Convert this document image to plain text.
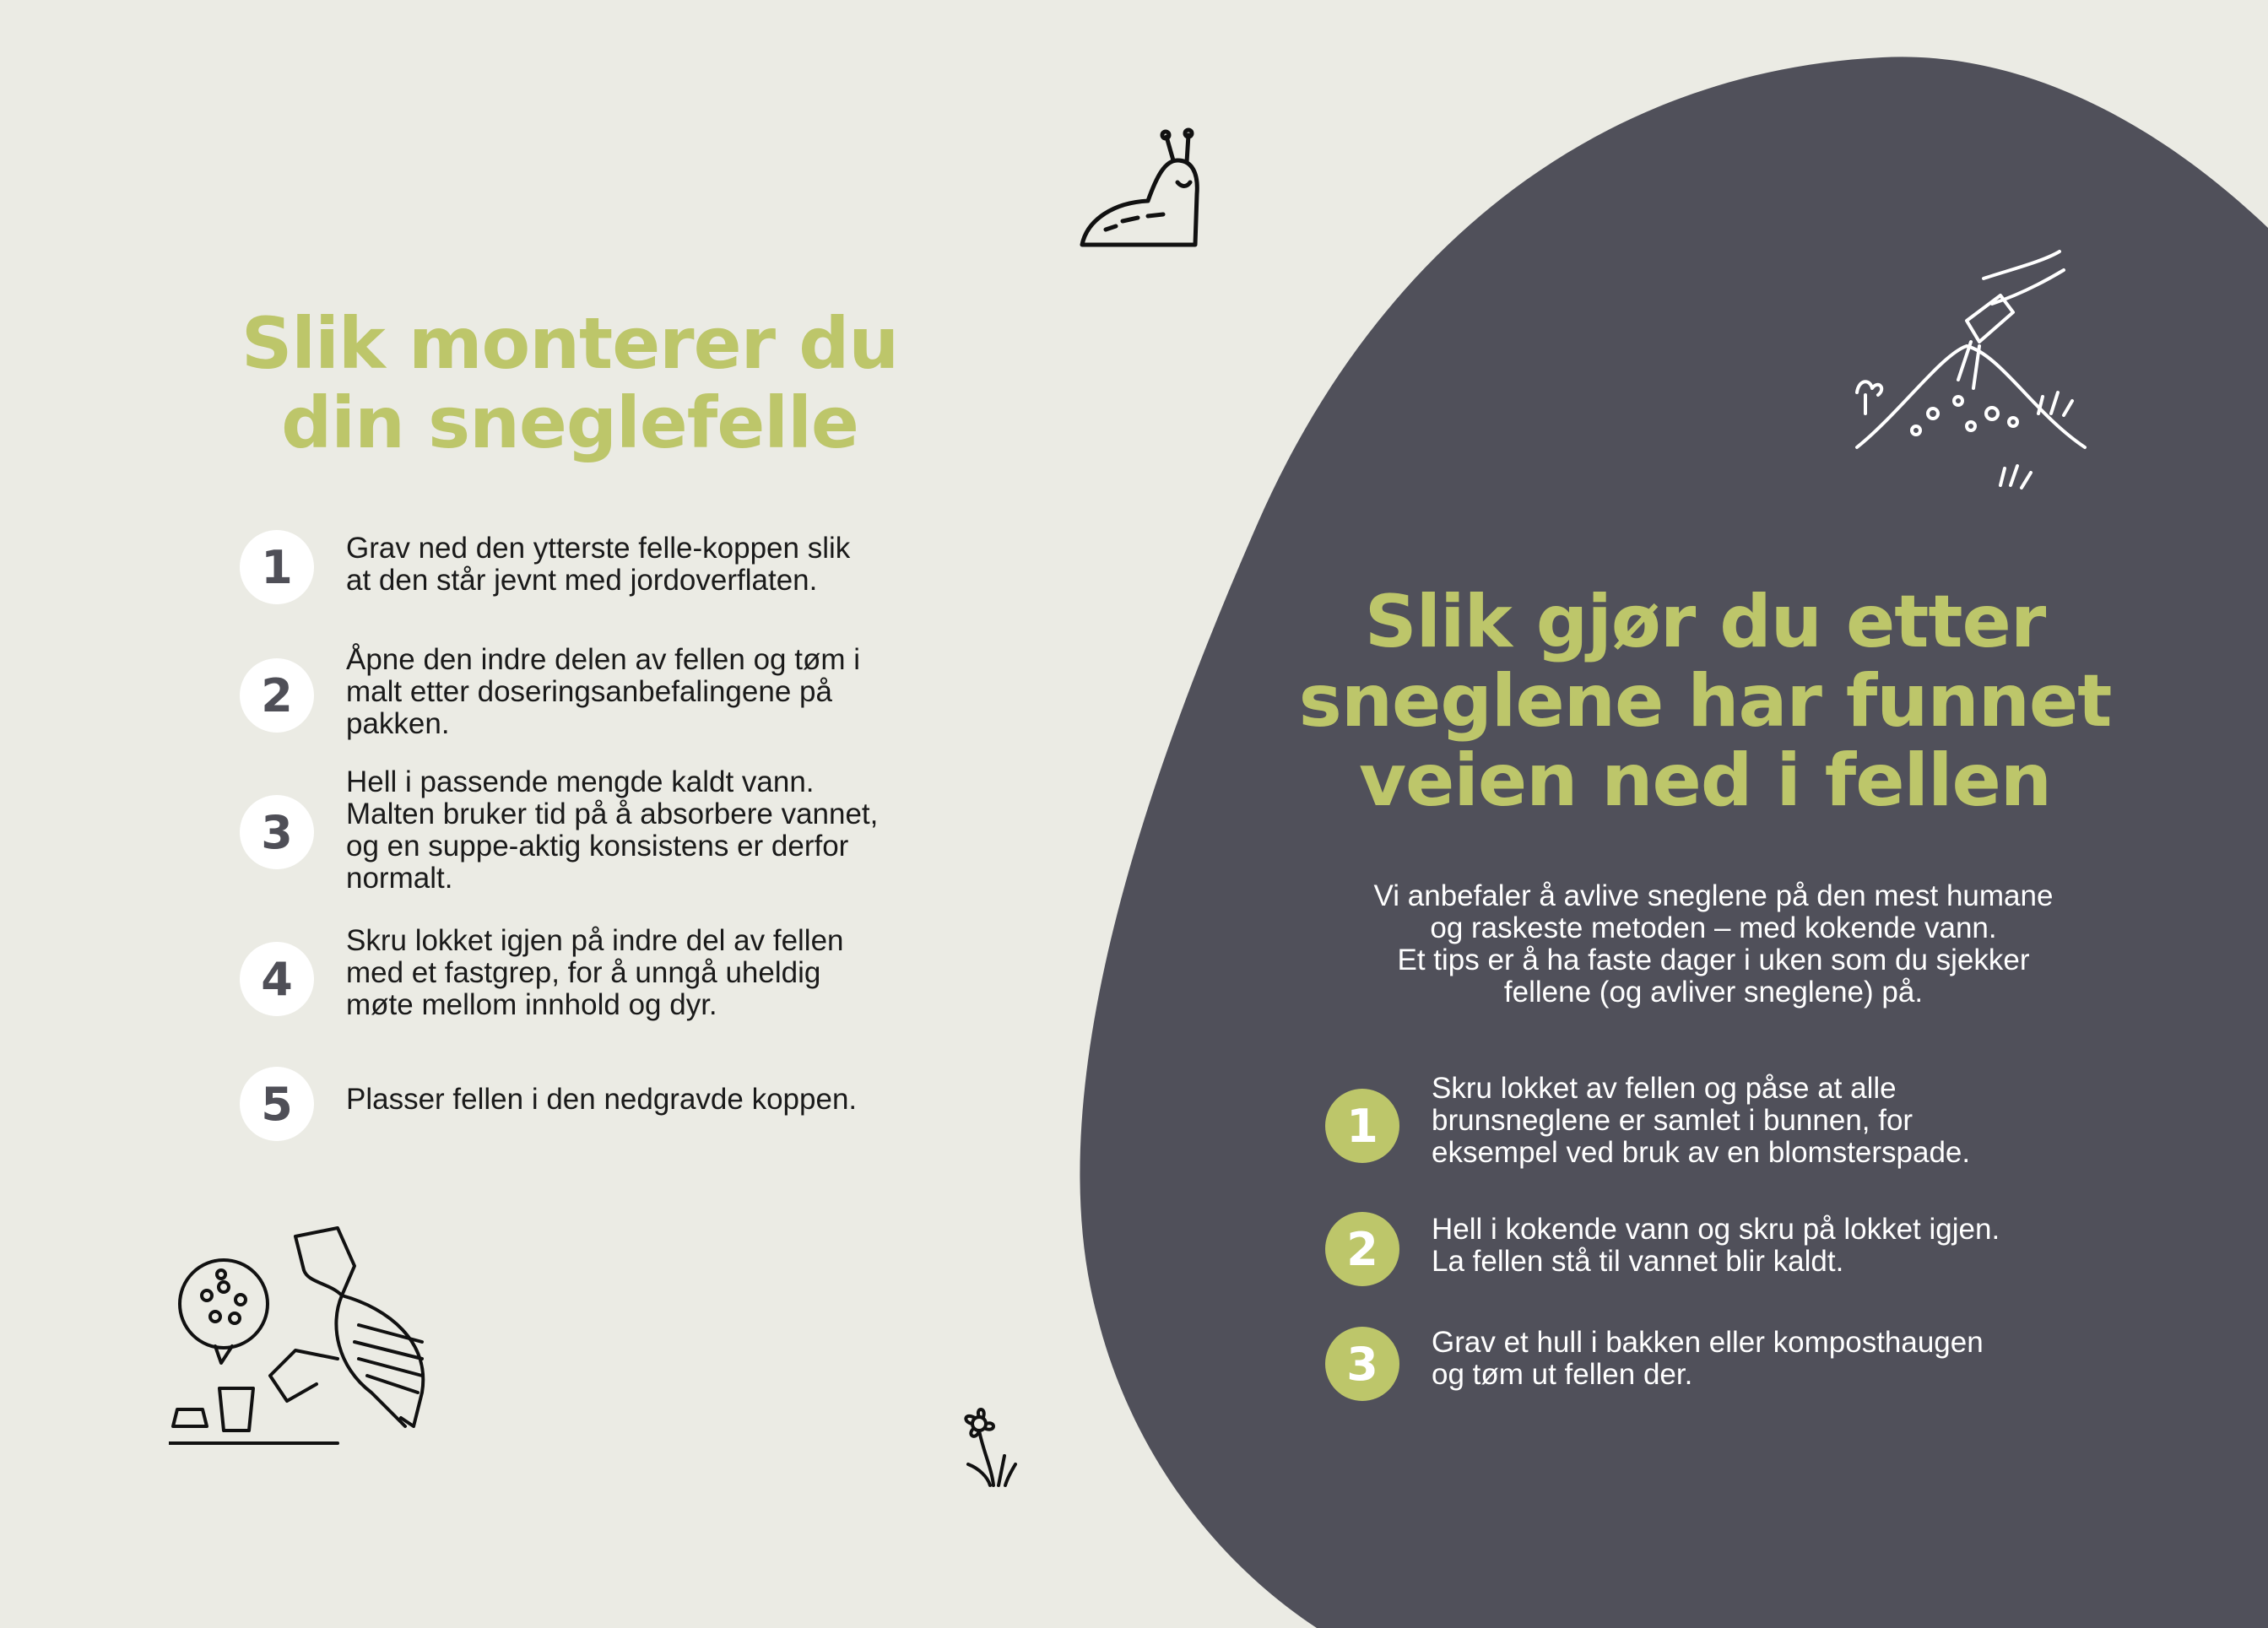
Slik monterer du
din sneglefelle
1	Grav ned den ytterste felle-koppen slik
at den står jevnt med jordoverflaten.
2
Åpne den indre delen av fellen og tøm i
malt etter doseringsanbefalingene på
pakken.
3
Hell i passende mengde kaldt vann.
Malten bruker tid på å absorbere vannet,
og en suppe-aktig konsistens er derfor
normalt.
4
Skru lokket igjen på indre del av fellen
med et fastgrep, for å unngå uheldig
møte mellom innhold og dyr.
5	Plasser fellen i den nedgravde koppen.
Slik gjør du etter
sneglene har funnet
veien ned i fellen

Vi anbefaler å avlive sneglene på den mest humane
og raskeste metoden – med kokende vann.
Et tips er å ha faste dager i uken som du sjekker
fellene (og avliver sneglene) på.

1
Skru lokket av fellen og påse at alle
brunsneglene er samlet i bunnen, for
eksempel ved bruk av en blomsterspade.
2	Hell i kokende vann og skru på lokket igjen.
La fellen stå til vannet blir kaldt.
3	Grav et hull i bakken eller komposthaugen
og tøm ut fellen der.
